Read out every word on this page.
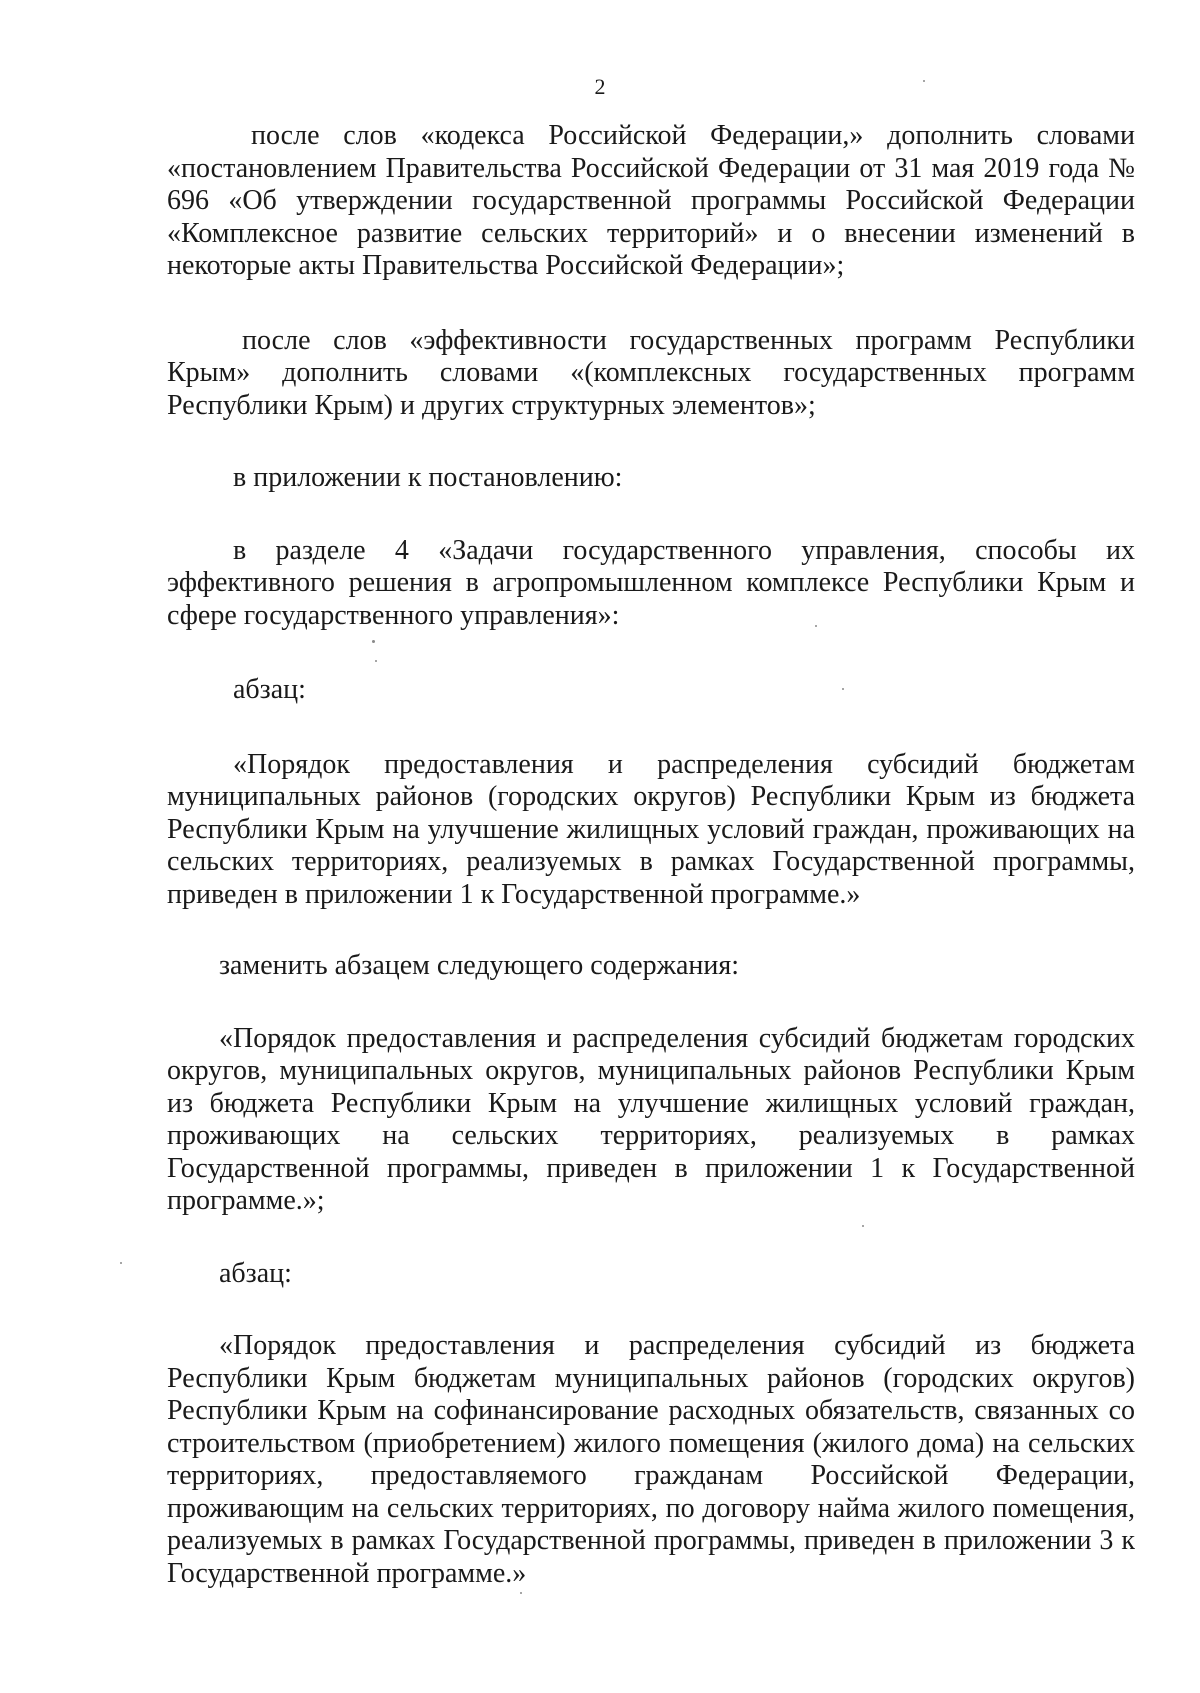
2

после слов «кодекса Российской Федерации,» дополнить словами «постановлением Правительства Российской Федерации от 31 мая 2019 года № 696 «Об утверждении государственной программы Российской Федерации «Комплексное развитие сельских территорий» и о внесении изменений в некоторые акты Правительства Российской Федерации»;

после слов «эффективности государственных программ Республики Крым» дополнить словами «(комплексных государственных программ Республики Крым) и других структурных элементов»;

в приложении к постановлению:

в разделе 4 «Задачи государственного управления, способы их эффективного решения в агропромышленном комплексе Республики Крым и сфере государственного управления»:

абзац:

«Порядок предоставления и распределения субсидий бюджетам муниципальных районов (городских округов) Республики Крым из бюджета Республики Крым на улучшение жилищных условий граждан, проживающих на сельских территориях, реализуемых в рамках Государственной программы, приведен в приложении 1 к Государственной программе.»

заменить абзацем следующего содержания:

«Порядок предоставления и распределения субсидий бюджетам городских округов, муниципальных округов, муниципальных районов Республики Крым из бюджета Республики Крым на улучшение жилищных условий граждан, проживающих на сельских территориях, реализуемых в рамках Государственной программы, приведен в приложении 1 к Государственной программе.»;

абзац:

«Порядок предоставления и распределения субсидий из бюджета Республики Крым бюджетам муниципальных районов (городских округов) Республики Крым на софинансирование расходных обязательств, связанных со строительством (приобретением) жилого помещения (жилого дома) на сельских территориях, предоставляемого гражданам Российской Федерации, проживающим на сельских территориях, по договору найма жилого помещения, реализуемых в рамках Государственной программы, приведен в приложении 3 к Государственной программе.»
